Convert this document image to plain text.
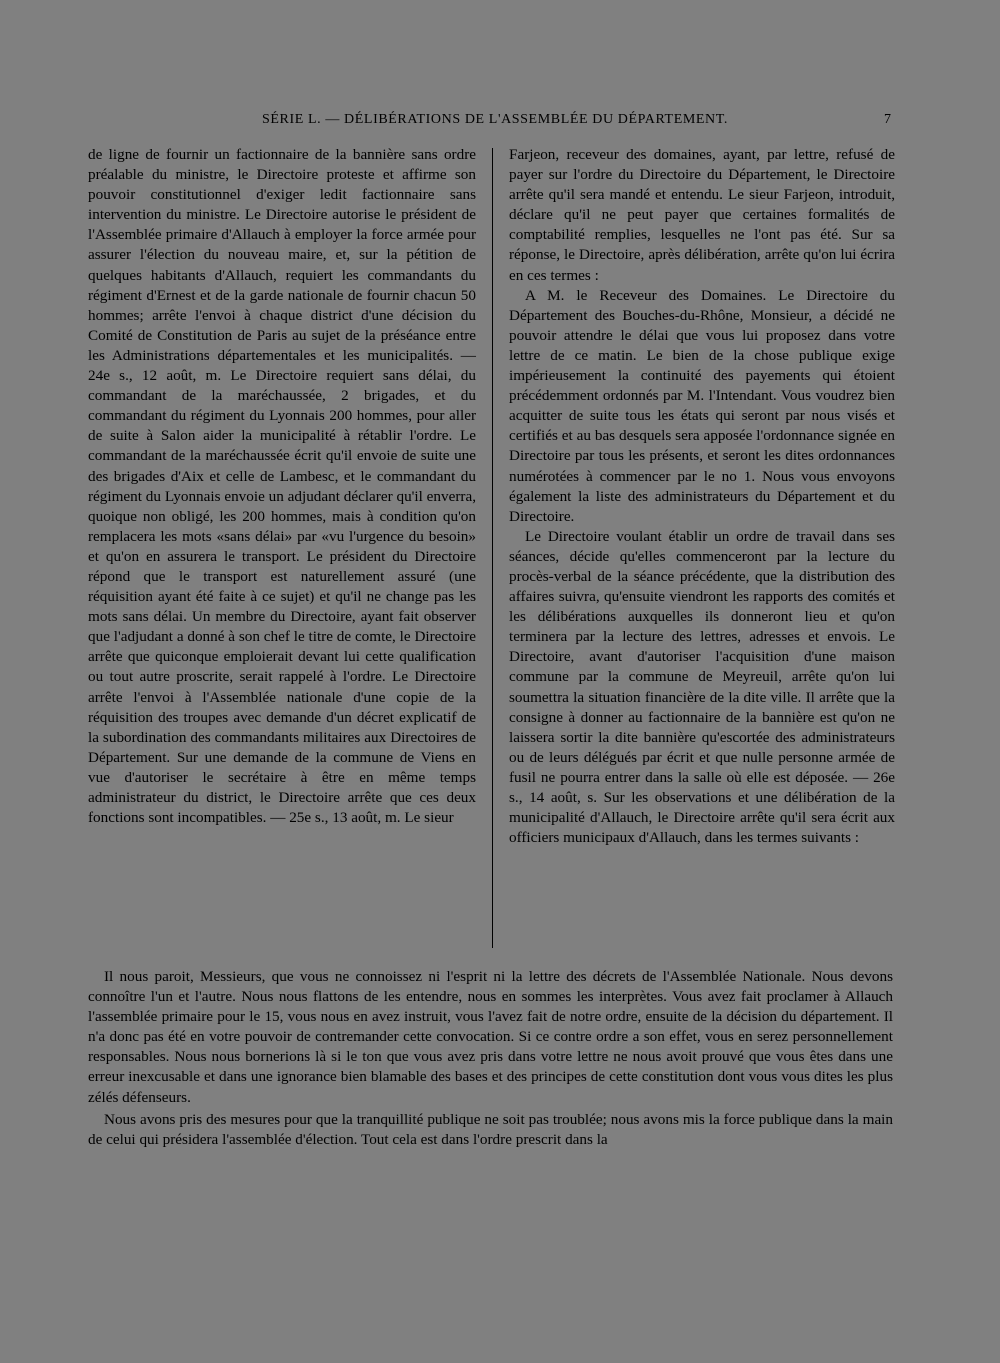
SÉRIE L. — DÉLIBÉRATIONS DE L'ASSEMBLÉE DU DÉPARTEMENT.	7

de ligne de fournir un factionnaire de la bannière sans ordre préalable du ministre, le Directoire proteste et affirme son pouvoir constitutionnel d'exiger ledit factionnaire sans intervention du ministre. Le Directoire autorise le président de l'Assemblée primaire d'Allauch à employer la force armée pour assurer l'élection du nouveau maire, et, sur la pétition de quelques habitants d'Allauch, requiert les commandants du régiment d'Ernest et de la garde nationale de fournir chacun 50 hommes; arrête l'envoi à chaque district d'une décision du Comité de Constitution de Paris au sujet de la préséance entre les Administrations départementales et les municipalités. — 24e s., 12 août, m. Le Directoire requiert sans délai, du commandant de la maréchaussée, 2 brigades, et du commandant du régiment du Lyonnais 200 hommes, pour aller de suite à Salon aider la municipalité à rétablir l'ordre. Le commandant de la maréchaussée écrit qu'il envoie de suite une des brigades d'Aix et celle de Lambesc, et le commandant du régiment du Lyonnais envoie un adjudant déclarer qu'il enverra, quoique non obligé, les 200 hommes, mais à condition qu'on remplacera les mots «sans délai» par «vu l'urgence du besoin» et qu'on en assurera le transport. Le président du Directoire répond que le transport est naturellement assuré (une réquisition ayant été faite à ce sujet) et qu'il ne change pas les mots sans délai. Un membre du Directoire, ayant fait observer que l'adjudant a donné à son chef le titre de comte, le Directoire arrête que quiconque emploierait devant lui cette qualification ou tout autre proscrite, serait rappelé à l'ordre. Le Directoire arrête l'envoi à l'Assemblée nationale d'une copie de la réquisition des troupes avec demande d'un décret explicatif de la subordination des commandants militaires aux Directoires de Département. Sur une demande de la commune de Viens en vue d'autoriser le secrétaire à être en même temps administrateur du district, le Directoire arrête que ces deux fonctions sont incompatibles. — 25e s., 13 août, m. Le sieur

Farjeon, receveur des domaines, ayant, par lettre, refusé de payer sur l'ordre du Directoire du Département, le Directoire arrête qu'il sera mandé et entendu. Le sieur Farjeon, introduit, déclare qu'il ne peut payer que certaines formalités de comptabilité remplies, lesquelles ne l'ont pas été. Sur sa réponse, le Directoire, après délibération, arrête qu'on lui écrira en ces termes :

A M. le Receveur des Domaines. Le Directoire du Département des Bouches-du-Rhône, Monsieur, a décidé ne pouvoir attendre le délai que vous lui proposez dans votre lettre de ce matin. Le bien de la chose publique exige impérieusement la continuité des payements qui étoient précédemment ordonnés par M. l'Intendant. Vous voudrez bien acquitter de suite tous les états qui seront par nous visés et certifiés et au bas desquels sera apposée l'ordonnance signée en Directoire par tous les présents, et seront les dites ordonnances numérotées à commencer par le no 1. Nous vous envoyons également la liste des administrateurs du Département et du Directoire.

Le Directoire voulant établir un ordre de travail dans ses séances, décide qu'elles commenceront par la lecture du procès-verbal de la séance précédente, que la distribution des affaires suivra, qu'ensuite viendront les rapports des comités et les délibérations auxquelles ils donneront lieu et qu'on terminera par la lecture des lettres, adresses et envois. Le Directoire, avant d'autoriser l'acquisition d'une maison commune par la commune de Meyreuil, arrête qu'on lui soumettra la situation financière de la dite ville. Il arrête que la consigne à donner au factionnaire de la bannière est qu'on ne laissera sortir la dite bannière qu'escortée des administrateurs ou de leurs délégués par écrit et que nulle personne armée de fusil ne pourra entrer dans la salle où elle est déposée. — 26e s., 14 août, s. Sur les observations et une délibération de la municipalité d'Allauch, le Directoire arrête qu'il sera écrit aux officiers municipaux d'Allauch, dans les termes suivants :

Il nous paroit, Messieurs, que vous ne connoissez ni l'esprit ni la lettre des décrets de l'Assemblée Nationale. Nous devons connoître l'un et l'autre. Nous nous flattons de les entendre, nous en sommes les interprètes. Vous avez fait proclamer à Allauch l'assemblée primaire pour le 15, vous nous en avez instruit, vous l'avez fait de notre ordre, ensuite de la décision du département. Il n'a donc pas été en votre pouvoir de contremander cette convocation. Si ce contre ordre a son effet, vous en serez personnellement responsables. Nous nous bornerions là si le ton que vous avez pris dans votre lettre ne nous avoit prouvé que vous êtes dans une erreur inexcusable et dans une ignorance bien blamable des bases et des principes de cette constitution dont vous vous dites les plus zélés défenseurs.

Nous avons pris des mesures pour que la tranquillité publique ne soit pas troublée; nous avons mis la force publique dans la main de celui qui présidera l'assemblée d'élection. Tout cela est dans l'ordre prescrit dans la
